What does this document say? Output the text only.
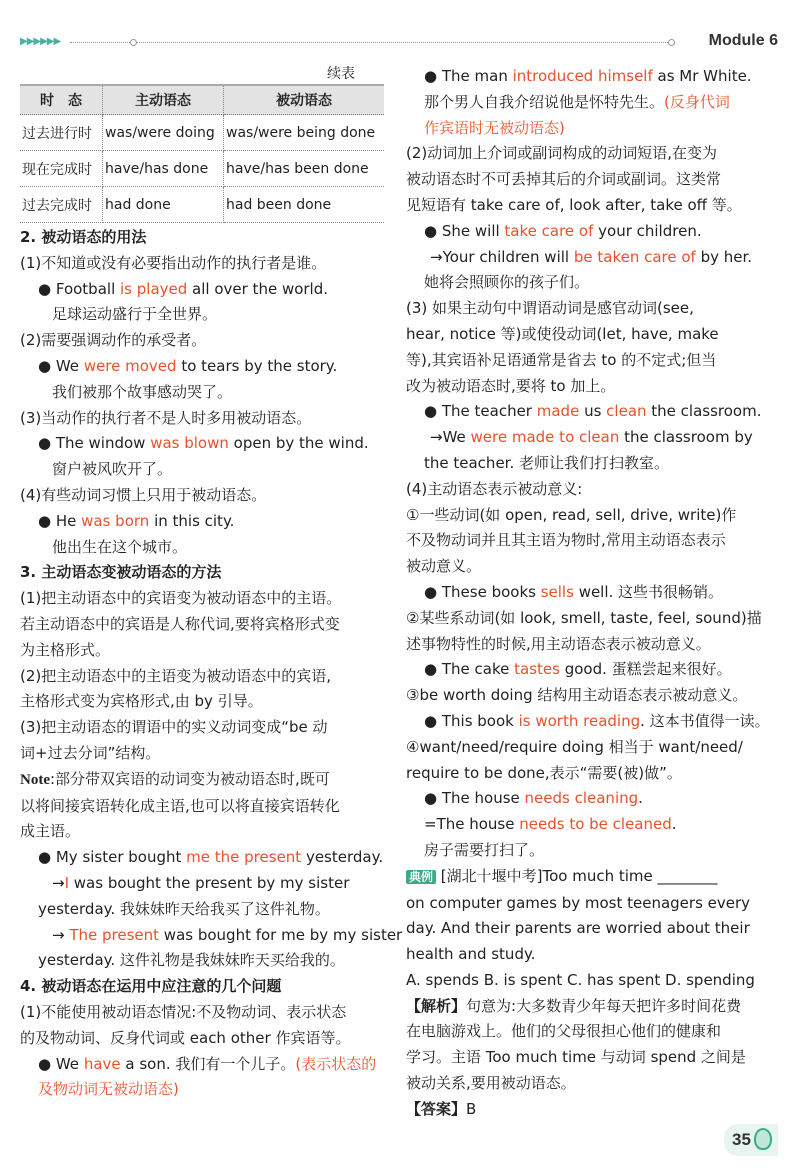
▶▶▶▶▶▶	Module 6
续表
时　态	主动语态	被动语态
过去进行时	was/were doing	was/were being done
现在完成时	have/has done	have/has been done
过去完成时	had done	had been done
2. 被动语态的用法
(1)不知道或没有必要指出动作的执行者是谁。
● Football is played all over the world.
足球运动盛行于全世界。
(2)需要强调动作的承受者。
● We were moved to tears by the story.
我们被那个故事感动哭了。
(3)当动作的执行者不是人时多用被动语态。
● The window was blown open by the wind.
窗户被风吹开了。
(4)有些动词习惯上只用于被动语态。
● He was born in this city.
他出生在这个城市。
3. 主动语态变被动语态的方法
(1)把主动语态中的宾语变为被动语态中的主语。
若主动语态中的宾语是人称代词,要将宾格形式变
为主格形式。
(2)把主动语态中的主语变为被动语态中的宾语,
主格形式变为宾格形式,由 by 引导。
(3)把主动语态的谓语中的实义动词变成“be 动
词+过去分词”结构。
Note:部分带双宾语的动词变为被动语态时,既可
以将间接宾语转化成主语,也可以将直接宾语转化
成主语。
● My sister bought me the present yesterday.
→I was bought the present by my sister
yesterday. 我妹妹昨天给我买了这件礼物。
→ The present was bought for me by my sister
yesterday. 这件礼物是我妹妹昨天买给我的。
4. 被动语态在运用中应注意的几个问题
(1)不能使用被动语态情况:不及物动词、表示状态
的及物动词、反身代词或 each other 作宾语等。
● We have a son. 我们有一个儿子。(表示状态的
及物动词无被动语态)
● The man introduced himself as Mr White.
那个男人自我介绍说他是怀特先生。(反身代词
作宾语时无被动语态)
(2)动词加上介词或副词构成的动词短语,在变为
被动语态时不可丢掉其后的介词或副词。这类常
见短语有 take care of, look after, take off 等。
● She will take care of your children.
→Your children will be taken care of by her.
她将会照顾你的孩子们。
(3) 如果主动句中谓语动词是感官动词(see,
hear, notice 等)或使役动词(let, have, make
等),其宾语补足语通常是省去 to 的不定式;但当
改为被动语态时,要将 to 加上。
● The teacher made us clean the classroom.
→We were made to clean the classroom by
the teacher. 老师让我们打扫教室。
(4)主动语态表示被动意义:
①一些动词(如 open, read, sell, drive, write)作
不及物动词并且其主语为物时,常用主动语态表示
被动意义。
● These books sells well. 这些书很畅销。
②某些系动词(如 look, smell, taste, feel, sound)描
述事物特性的时候,用主动语态表示被动意义。
● The cake tastes good. 蛋糕尝起来很好。
③be worth doing 结构用主动语态表示被动意义。
● This book is worth reading. 这本书值得一读。
④want/need/require doing 相当于 want/need/
require to be done,表示“需要(被)做”。
● The house needs cleaning.
=The house needs to be cleaned.
房子需要打扫了。
典例 [湖北十堰中考]Too much time ________
on computer games by most teenagers every
day. And their parents are worried about their
health and study.
A. spends B. is spent C. has spent D. spending
【解析】句意为:大多数青少年每天把许多时间花费
在电脑游戏上。他们的父母很担心他们的健康和
学习。主语 Too much time 与动词 spend 之间是
被动关系,要用被动语态。
【答案】B
35
